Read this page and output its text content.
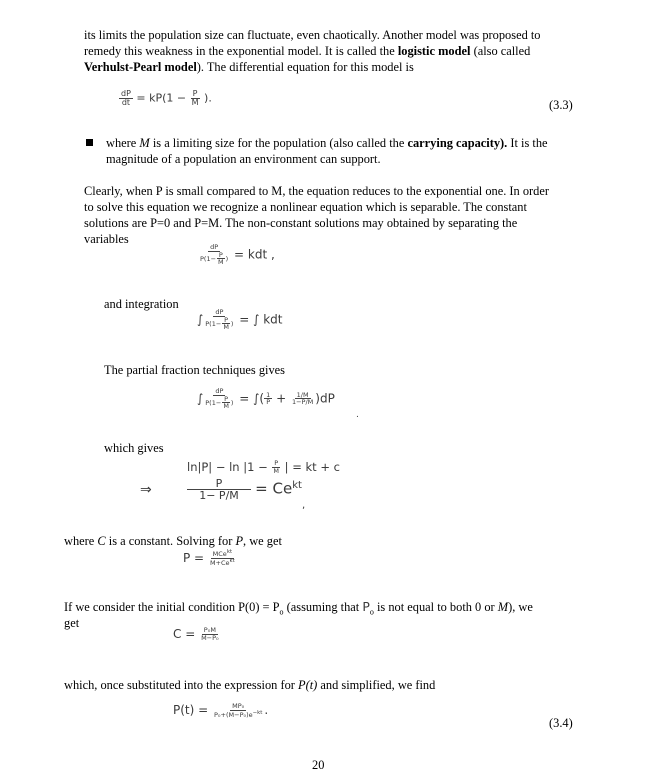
its limits the population size can fluctuate, even chaotically. Another model was proposed to
remedy this weakness in the exponential model. It is called the logistic model (also called
Verhulst-Pearl model). The differential equation for this model is
$\frac{dP}{dt} = kP(1 - \frac{P}{M}$ ).	(3.3)
where M is a limiting size for the population (also called the carrying capacity). It is the
magnitude of a population an environment can support.
Clearly, when P is small compared to M, the equation reduces to the exponential one. In order
to solve this equation we recognize a nonlinear equation which is separable. The constant
solutions are P=0 and P=M. The non-constant solutions may obtained by separating the
variables
$\frac{dP}{P(1- \frac{P}{M} )}$ = kdt ,
and integration
∫ $\frac{dP}{P(1- \frac{P}{M} )}$ = ∫ kdt
The partial fraction techniques gives
∫ $\frac{dP}{P(1- \frac{P}{M} )}$ = ∫( $\frac{1}{P} + \frac{1/M}{1-P/M} )dP$
.
which gives
$\ln|P| - \ln |1 - \frac{P}{M}$ | = kt + c
⇒	$\frac{P}{1- P/M} = Ce^{kt}$
,
where C is a constant. Solving for P, we get
$P = \frac{MCe^{kt}}{M+Ce^{kt}}$
If we consider the initial condition $P(0) = P_o$ (assuming that $P_o$ is not equal to both 0 or M), we
get
$C = \frac{\text{P₀M}}{\text{M−P₀}}$
which, once substituted into the expression for P(t) and simplified, we find
$P(t) = \frac{\text{MP₀}}{P_0+(M-P_0)e^{-kt}}$ .
(3.4)
20
